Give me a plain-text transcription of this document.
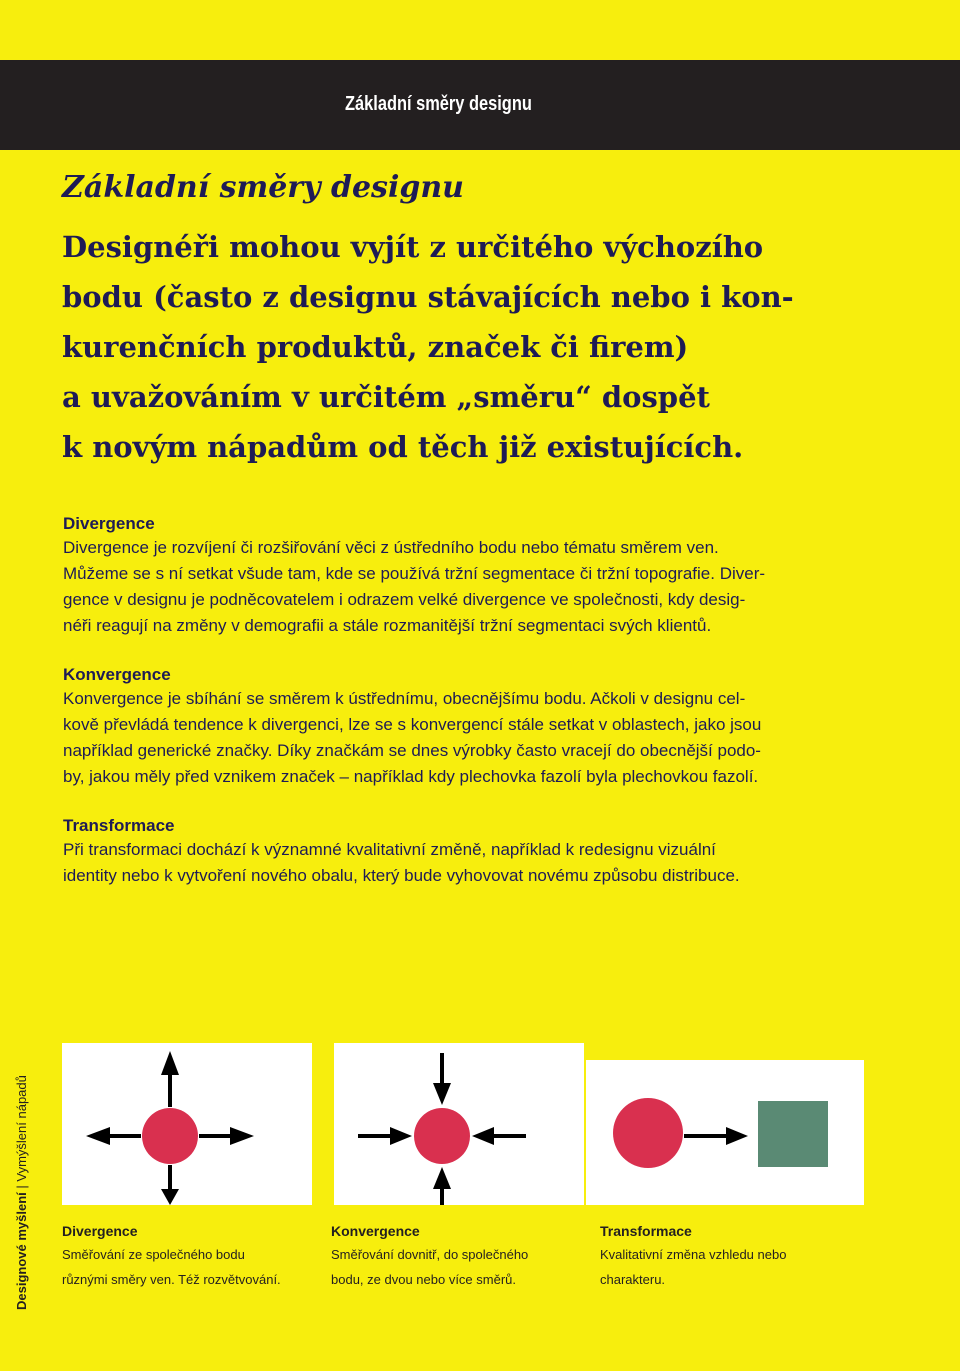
Základní směry designu
Základní směry designu

Designéři mohou vyjít z určitého výchozího
bodu (často z designu stávajících nebo i kon-
kurenčních produktů, značek či firem)
a uvažováním v určitém „směru“ dospět
k novým nápadům od těch již existujících.

Divergence
Divergence je rozvíjení či rozšiřování věci z ústředního bodu nebo tématu směrem ven.
Můžeme se s ní setkat všude tam, kde se používá tržní segmentace či tržní topografie. Diver-
gence v designu je podněcovatelem i odrazem velké divergence ve společnosti, kdy desig-
néři reagují na změny v demografii a stále rozmanitější tržní segmentaci svých klientů.
Konvergence
Konvergence je sbíhání se směrem k ústřednímu, obecnějšímu bodu. Ačkoli v designu cel-
kově převládá tendence k divergenci, lze se s konvergencí stále setkat v oblastech, jako jsou
například generické značky. Díky značkám se dnes výrobky často vracejí do obecnější podo-
by, jakou měly před vznikem značek – například kdy plechovka fazolí byla plechovkou fazolí.
Transformace
Při transformaci dochází k významné kvalitativní změně, například k redesignu vizuální
identity nebo k vytvoření nového obalu, který bude vyhovovat novému způsobu distribuce.
Designové myšlení | Vymýšlení nápadů
Divergence
Směřování ze společného bodu
různými směry ven. Též rozvětvování.
Konvergence
Směřování dovnitř, do společného
bodu, ze dvou nebo více směrů.
Transformace
Kvalitativní změna vzhledu nebo
charakteru.
